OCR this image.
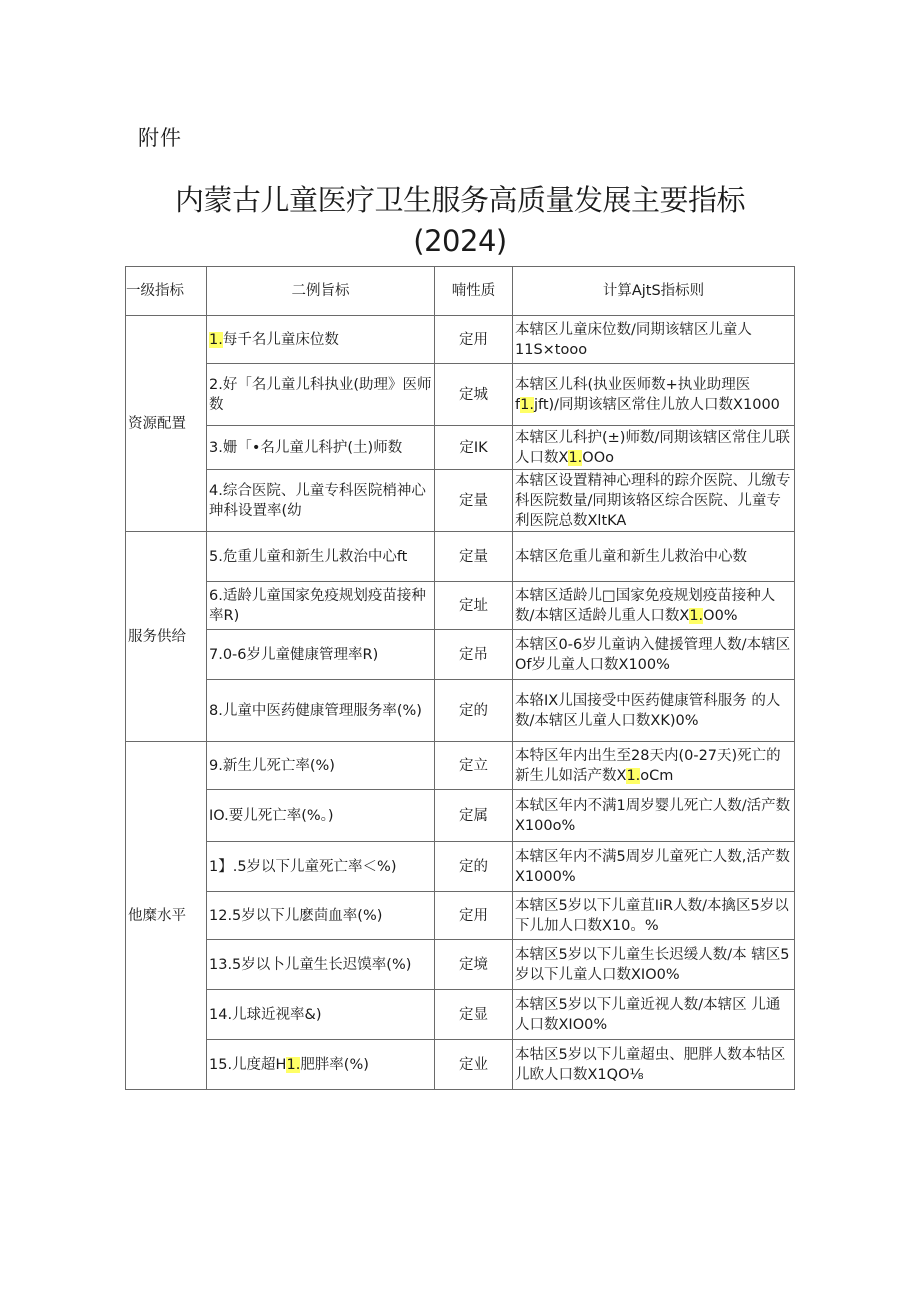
附件
内蒙古儿童医疗卫生服务高质量发展主要指标
(2024)
一级指标	二例旨标	喃性质	计算AjtS指标则
资源配置	1.每千名儿童床位数	定用	本辖区儿童床位数/同期该辖区儿童人 11S×tooo
	2.好「名儿童儿科执业(助理》医师数	定城	本辖区儿科(执业医师数+执业助理医 f1.jft)/同期该辖区常住儿放人口数X1000
	3.姗「•名儿童儿科护(土)师数	定IK	本辖区儿科护(±)师数/同期该辖区常住儿联人口数X1.OOo
	4.综合医院、儿童专科医院梢神心珅科设置率(幼	定量	本辖区设置精神心理科的踪介医院、儿缴专科医院数量/同期该辂区综合医院、儿童专利医院总数XltKA
服务供给	5.危重儿童和新生儿救治中心ft	定量	本辖区危重儿童和新生儿救治中心数
	6.适龄儿童国家免疫规划疫苗接种率R)	定址	本辖区适龄儿□国家免疫规划疫苗接种人数/本辖区适龄儿重人口数X1.O0%
	7.0-6岁儿童健康管理率R)	定吊	本辖区0-6岁儿童讷入健援管理人数/本辖区Of岁儿童人口数X100%
	8.儿童中医药健康管理服务率(%)	定的	本辂IX儿国接受中医药健康管科服务 的人数/本辖区儿童人口数XK)0%
他糜水平	9.新生儿死亡率(%)	定立	本特区年内出生至28天内(0-27天)死亡的新生儿如活产数X1.oCm
	IO.要儿死亡率(%。)	定属	本轼区年内不满1周岁婴儿死亡人数/活产数X100o%
	1】.5岁以下儿童死亡率＜%)	定的	本辖区年内不满5周岁儿童死亡人数,活产数X1000%
	12.5岁以下儿麽茴血率(%)	定用	本辖区5岁以下儿童苴IiR人数/本擒区5岁以下儿加人口数X10。%
	13.5岁以卜儿童生长迟馍率(%)	定境	本辖区5岁以下儿童生长迟缓人数/本 辖区5岁以下儿童人口数XIO0%
	14.儿球近视率&)	定显	本辖区5岁以下儿童近视人数/本辖区 儿通人口数XIO0%
	15.儿度超H1.肥胖率(%)	定业	本牯区5岁以下儿童超虫、肥胖人数本牯区儿欧人口数X1QO⅛
